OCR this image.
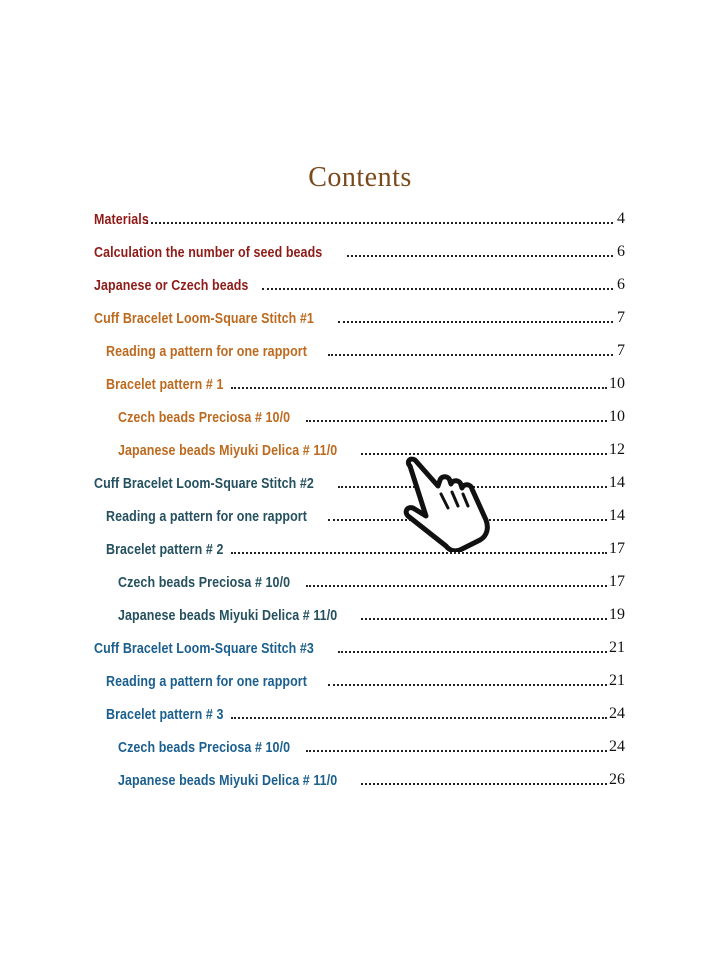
Contents
Materials	4
Calculation the number of seed beads	6
Japanese or Czech beads	6
Cuff Bracelet Loom-Square Stitch #1	7
Reading a pattern for one rapport	7
Bracelet pattern # 1	10
Czech beads Preciosa # 10/0	10
Japanese beads Miyuki Delica # 11/0	12
Cuff Bracelet Loom-Square Stitch #2	14
Reading a pattern for one rapport	14
Bracelet pattern # 2	17
Czech beads Preciosa # 10/0	17
Japanese beads Miyuki Delica # 11/0	19
Cuff Bracelet Loom-Square Stitch #3	21
Reading a pattern for one rapport	21
Bracelet pattern # 3	24
Czech beads Preciosa # 10/0	24
Japanese beads Miyuki Delica # 11/0	26
